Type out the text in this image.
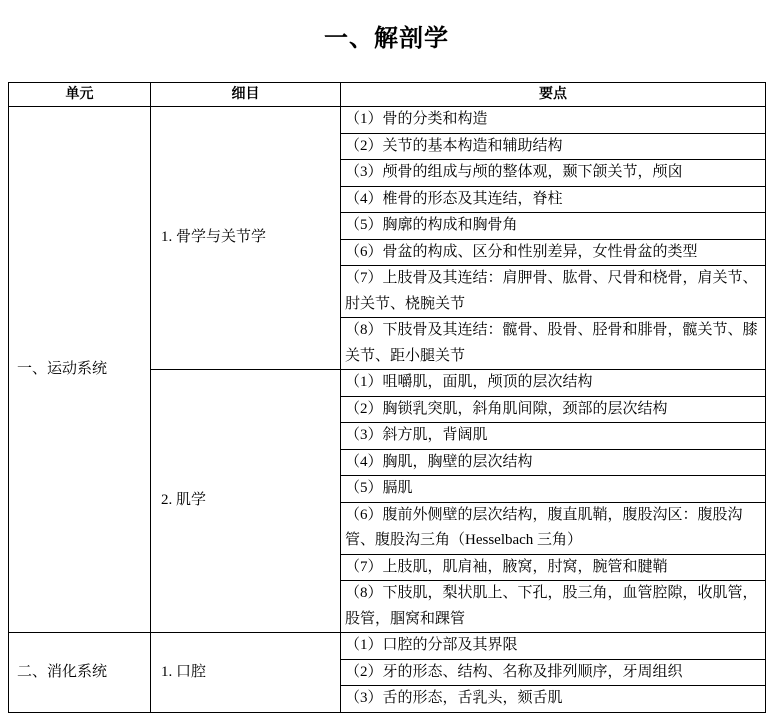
一、解剖学
单元	细目	要点
一、运动系统	1. 骨学与关节学	（1）骨的分类和构造
		（2）关节的基本构造和辅助结构
		（3）颅骨的组成与颅的整体观，颞下颌关节，颅囟
		（4）椎骨的形态及其连结，脊柱
		（5）胸廓的构成和胸骨角
		（6）骨盆的构成、区分和性别差异，女性骨盆的类型
		（7）上肢骨及其连结：肩胛骨、肱骨、尺骨和桡骨，肩关节、肘关节、桡腕关节
		（8）下肢骨及其连结：髋骨、股骨、胫骨和腓骨，髋关节、膝关节、距小腿关节
	2. 肌学	（1）咀嚼肌，面肌，颅顶的层次结构
		（2）胸锁乳突肌，斜角肌间隙，颈部的层次结构
		（3）斜方肌，背阔肌
		（4）胸肌，胸壁的层次结构
		（5）膈肌
		（6）腹前外侧壁的层次结构，腹直肌鞘，腹股沟区：腹股沟管、腹股沟三角（Hesselbach 三角）
		（7）上肢肌，肌肩袖，腋窝，肘窝，腕管和腱鞘
		（8）下肢肌，梨状肌上、下孔，股三角，血管腔隙，收肌管，股管，腘窝和踝管
二、消化系统	1. 口腔	（1）口腔的分部及其界限
		（2）牙的形态、结构、名称及排列顺序，牙周组织
		（3）舌的形态，舌乳头，颏舌肌
